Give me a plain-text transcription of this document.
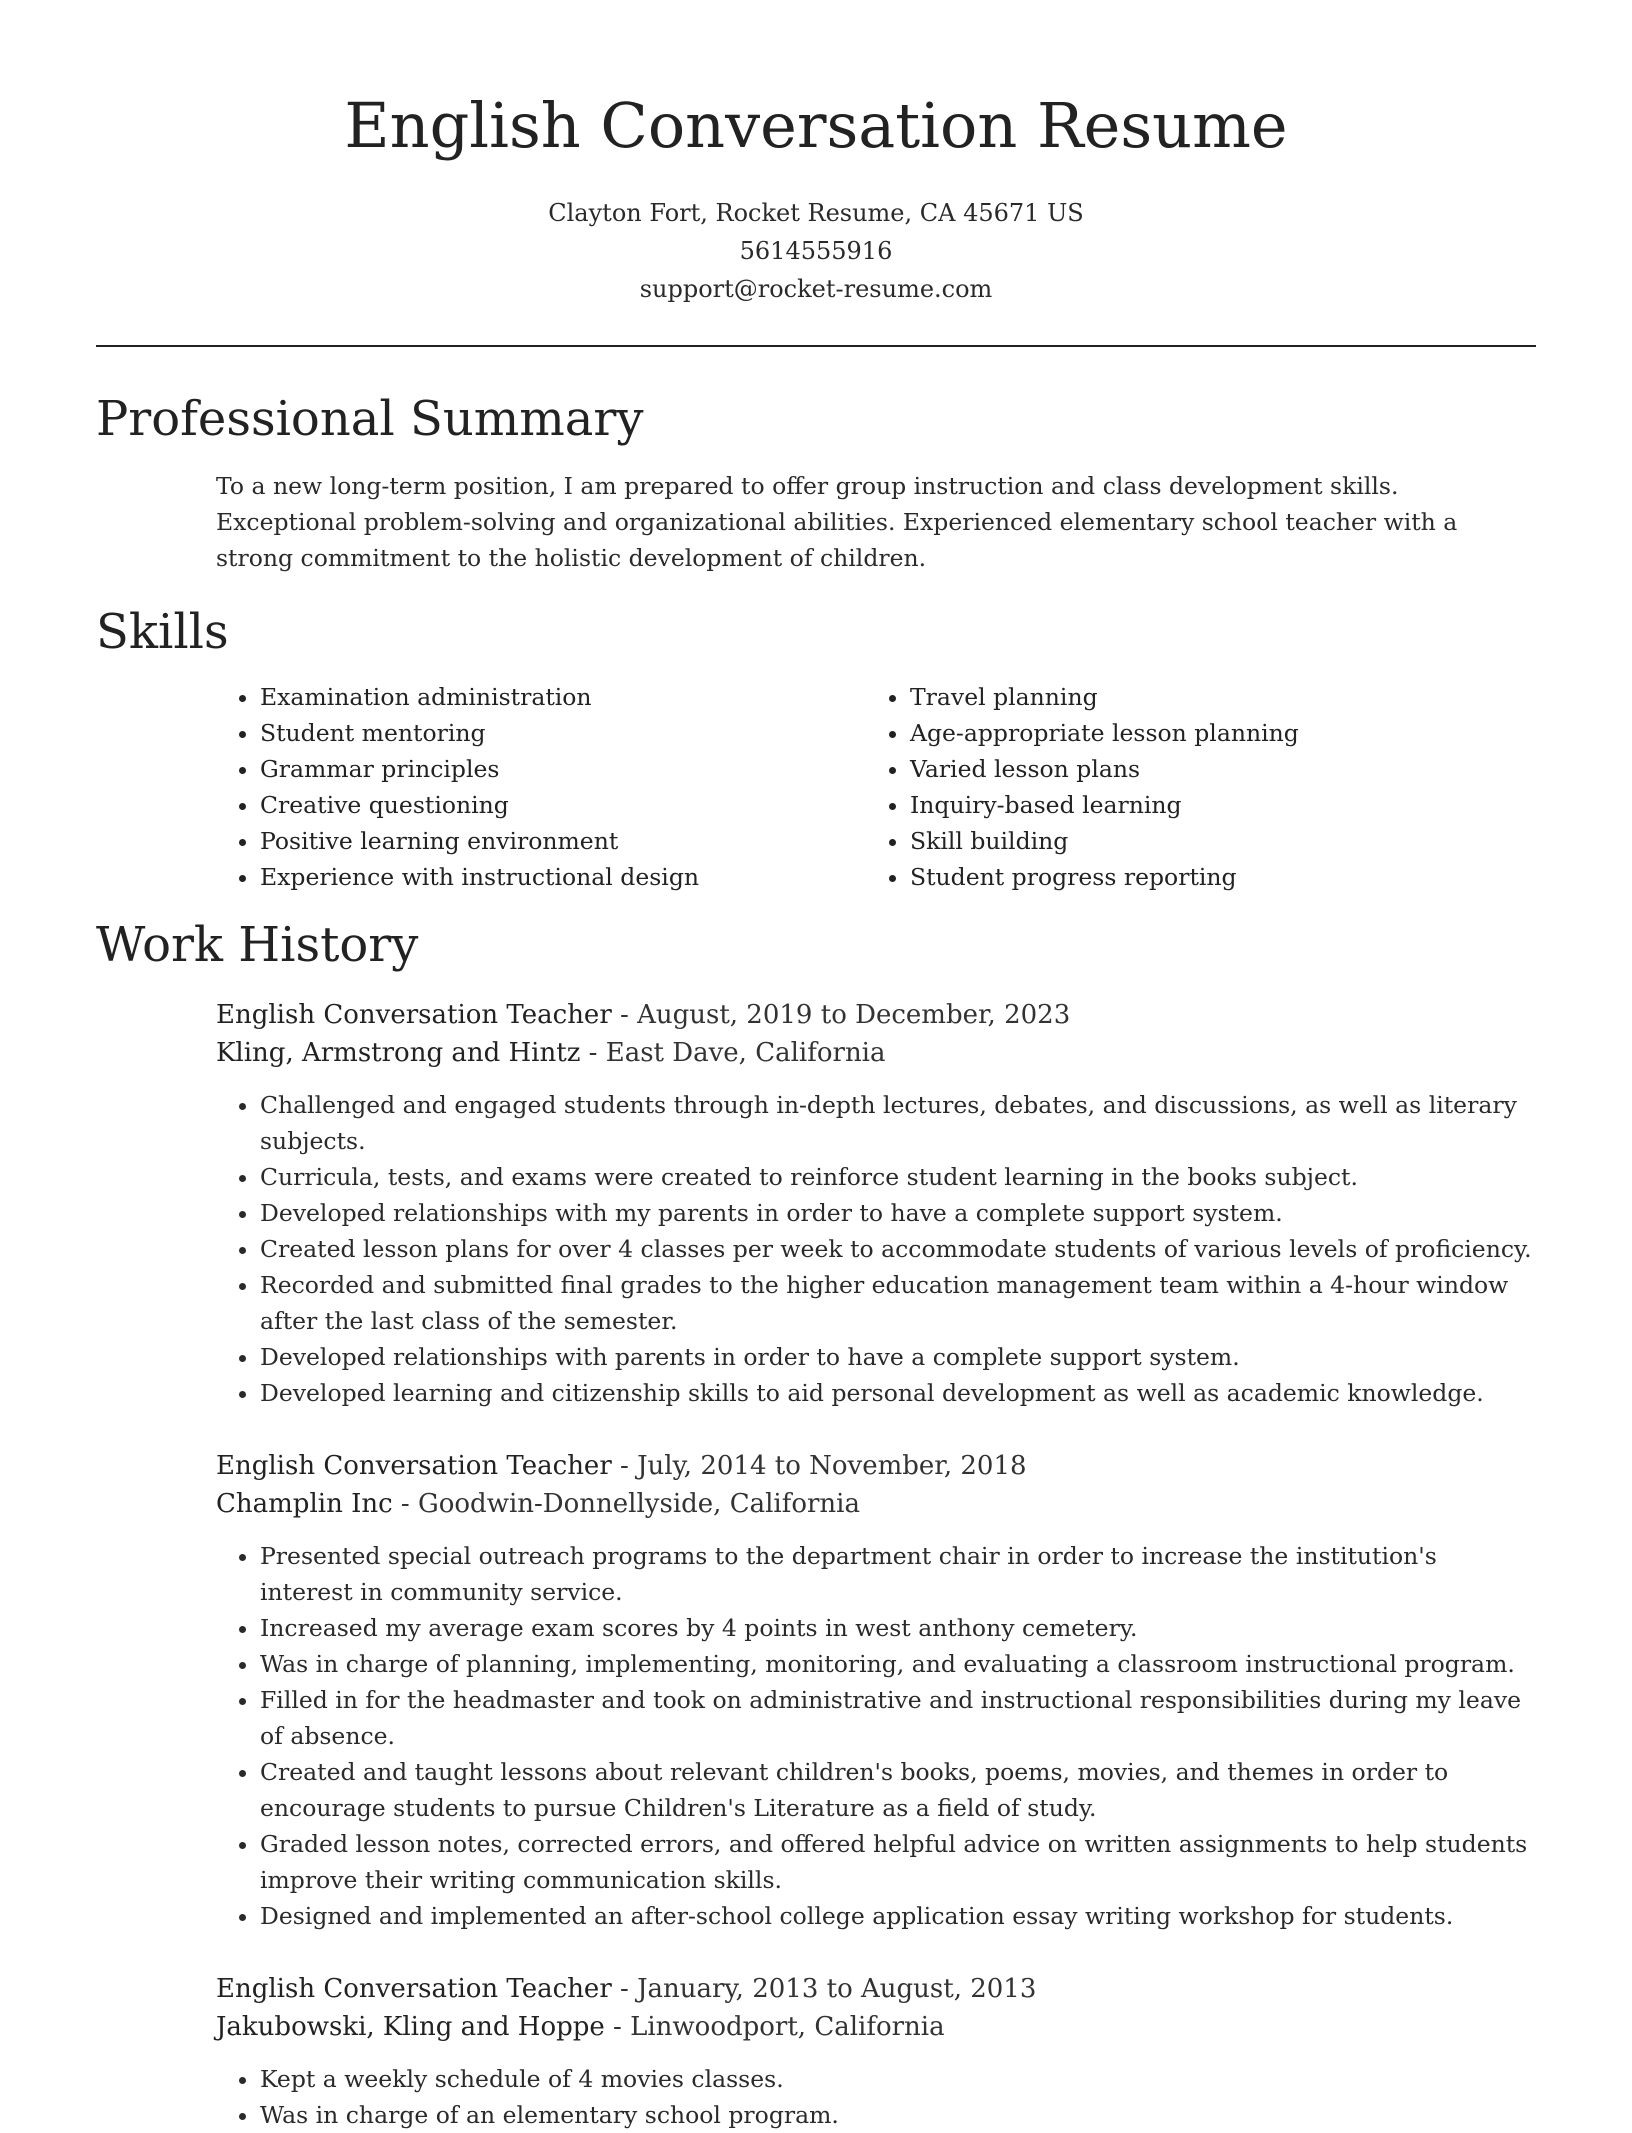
English Conversation Resume
Clayton Fort, Rocket Resume, CA 45671 US
5614555916
support@rocket-resume.com
Professional Summary

To a new long-term position, I am prepared to offer group instruction and class development skills. Exceptional problem-solving and organizational abilities. Experienced elementary school teacher with a strong commitment to the holistic development of children.

Skills
• Examination administration
• Student mentoring
• Grammar principles
• Creative questioning
• Positive learning environment
• Experience with instructional design
• Travel planning
• Age-appropriate lesson planning
• Varied lesson plans
• Inquiry-based learning
• Skill building
• Student progress reporting
Work History
English Conversation Teacher - August, 2019 to December, 2023
Kling, Armstrong and Hintz - East Dave, California
• Challenged and engaged students through in-depth lectures, debates, and discussions, as well as literary subjects.
• Curricula, tests, and exams were created to reinforce student learning in the books subject.
• Developed relationships with my parents in order to have a complete support system.
• Created lesson plans for over 4 classes per week to accommodate students of various levels of proficiency.
• Recorded and submitted final grades to the higher education management team within a 4-hour window after the last class of the semester.
• Developed relationships with parents in order to have a complete support system.
• Developed learning and citizenship skills to aid personal development as well as academic knowledge.
English Conversation Teacher - July, 2014 to November, 2018
Champlin Inc - Goodwin-Donnellyside, California
• Presented special outreach programs to the department chair in order to increase the institution's interest in community service.
• Increased my average exam scores by 4 points in west anthony cemetery.
• Was in charge of planning, implementing, monitoring, and evaluating a classroom instructional program.
• Filled in for the headmaster and took on administrative and instructional responsibilities during my leave of absence.
• Created and taught lessons about relevant children's books, poems, movies, and themes in order to encourage students to pursue Children's Literature as a field of study.
• Graded lesson notes, corrected errors, and offered helpful advice on written assignments to help students improve their writing communication skills.
• Designed and implemented an after-school college application essay writing workshop for students.
English Conversation Teacher - January, 2013 to August, 2013
Jakubowski, Kling and Hoppe - Linwoodport, California
• Kept a weekly schedule of 4 movies classes.
• Was in charge of an elementary school program.
